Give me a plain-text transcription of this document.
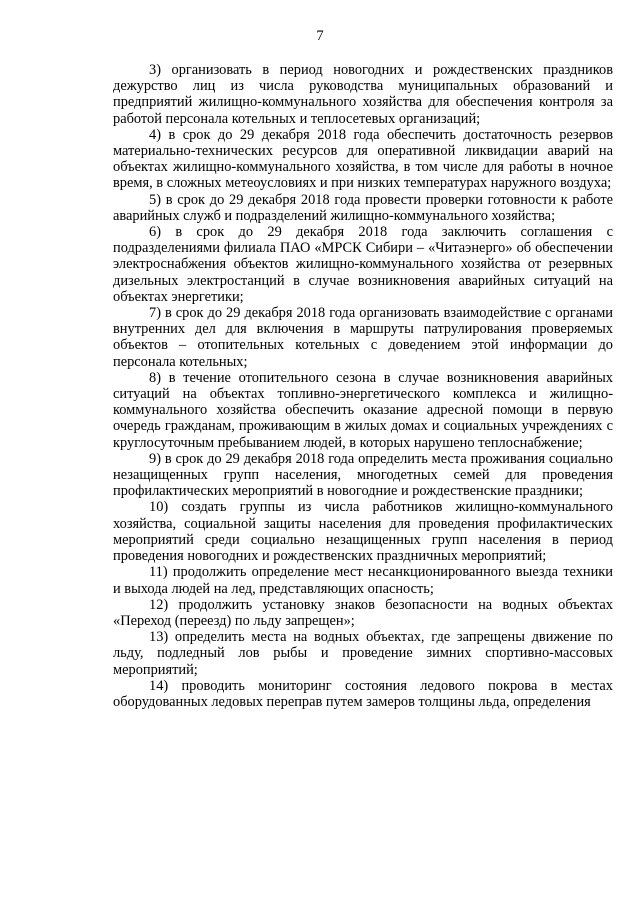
7

3) организовать в период новогодних и рождественских праздников дежурство лиц из числа руководства муниципальных образований и предприятий жилищно-коммунального хозяйства для обеспечения контроля за работой персонала котельных и теплосетевых организаций;

4) в срок до 29 декабря 2018 года обеспечить достаточность резервов материально-технических ресурсов для оперативной ликвидации аварий на объектах жилищно-коммунального хозяйства, в том числе для работы в ночное время, в сложных метеоусловиях и при низких температурах наружного воздуха;

5) в срок до 29 декабря 2018 года провести проверки готовности к работе аварийных служб и подразделений жилищно-коммунального хозяйства;

6) в срок до 29 декабря 2018 года заключить соглашения с подразделениями филиала ПАО «МРСК Сибири – «Читаэнерго» об обеспечении электроснабжения объектов жилищно-коммунального хозяйства от резервных дизельных электростанций в случае возникновения аварийных ситуаций на объектах энергетики;

7) в срок до 29 декабря 2018 года организовать взаимодействие с органами внутренних дел для включения в маршруты патрулирования проверяемых объектов – отопительных котельных с доведением этой информации до персонала котельных;

8) в течение отопительного сезона в случае возникновения аварийных ситуаций на объектах топливно-энергетического комплекса и жилищно-коммунального хозяйства обеспечить оказание адресной помощи в первую очередь гражданам, проживающим в жилых домах и социальных учреждениях с круглосуточным пребыванием людей, в которых нарушено теплоснабжение;

9) в срок до 29 декабря 2018 года определить места проживания социально незащищенных групп населения, многодетных семей для проведения профилактических мероприятий в новогодние и рождественские праздники;

10) создать группы из числа работников жилищно-коммунального хозяйства, социальной защиты населения для проведения профилактических мероприятий среди социально незащищенных групп населения в период проведения новогодних и рождественских праздничных мероприятий;

11) продолжить определение мест несанкционированного выезда техники и выхода людей на лед, представляющих опасность;

12) продолжить установку знаков безопасности на водных объектах «Переход (переезд) по льду запрещен»;

13) определить места на водных объектах, где запрещены движение по льду, подледный лов рыбы и проведение зимних спортивно-массовых мероприятий;

14) проводить мониторинг состояния ледового покрова в местах оборудованных ледовых переправ путем замеров толщины льда, определения
